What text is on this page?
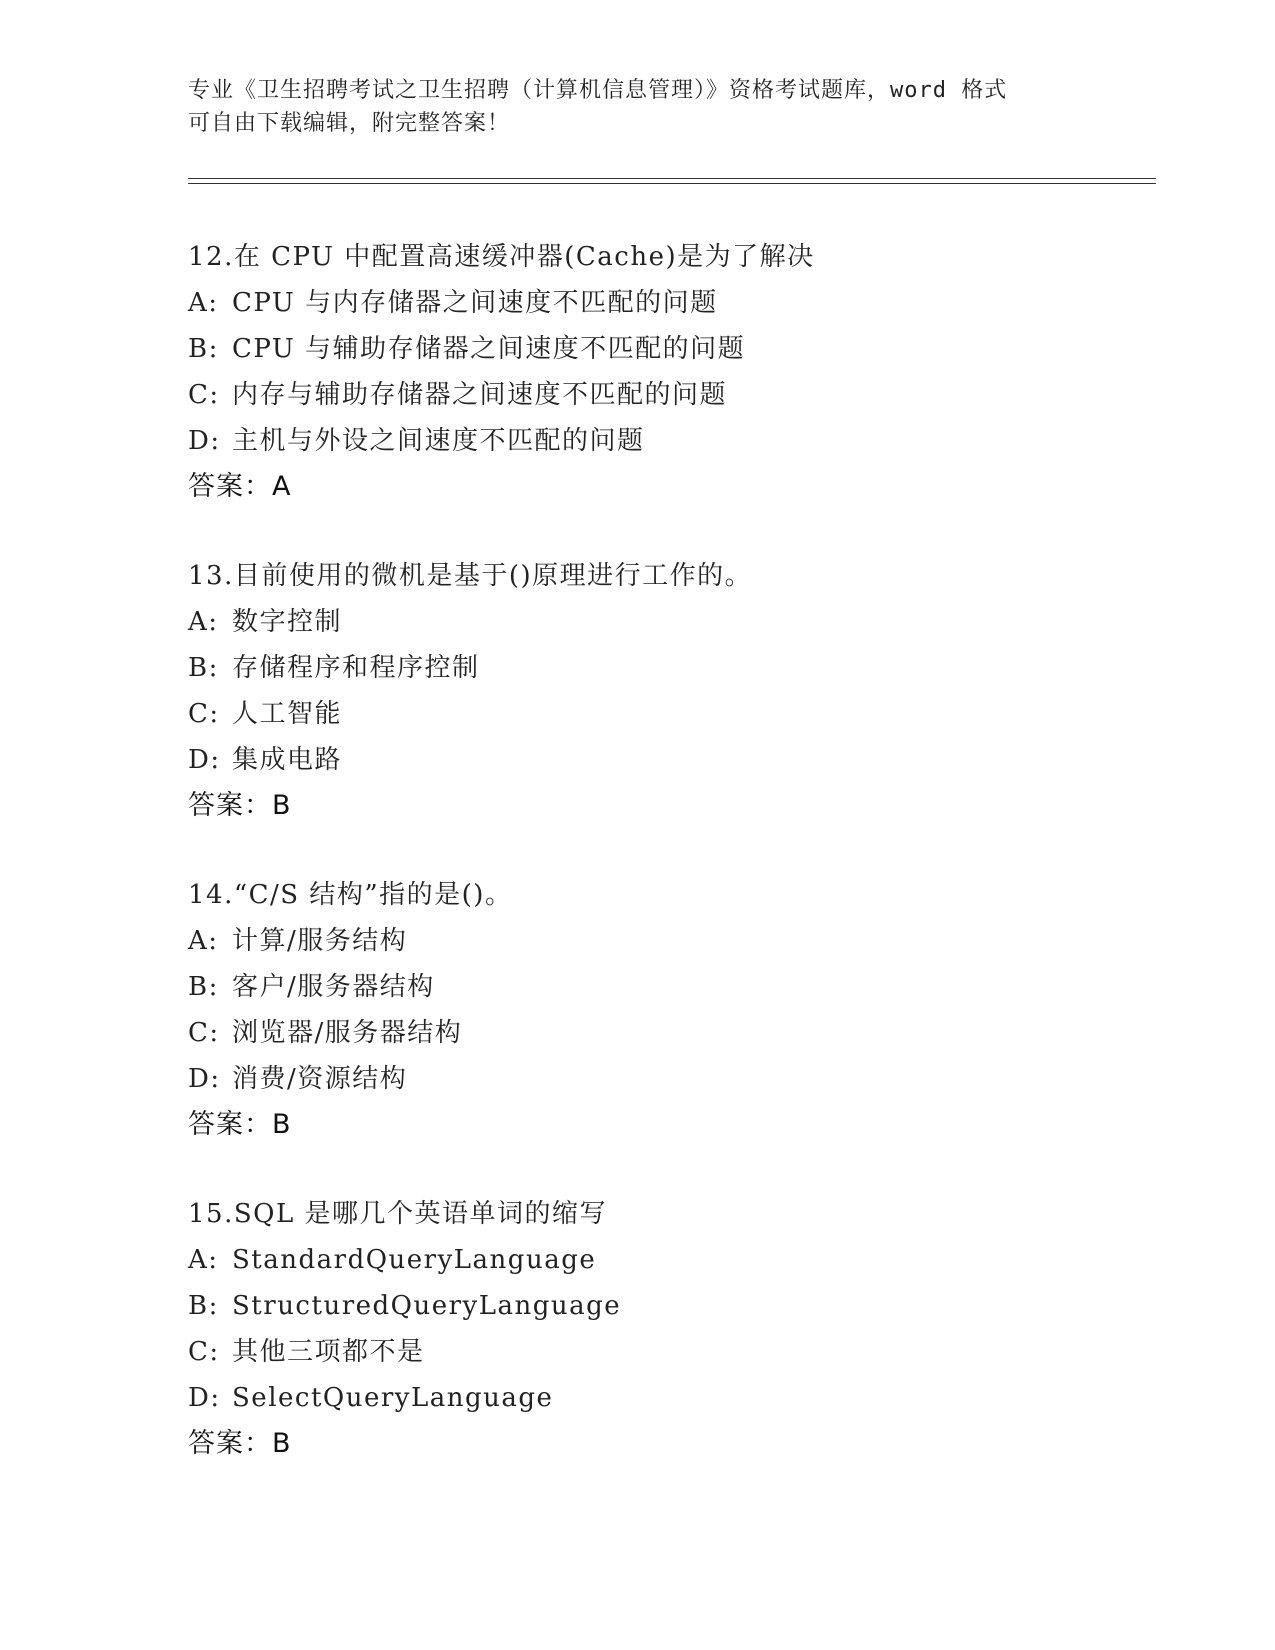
专业《卫生招聘考试之卫生招聘（计算机信息管理）》资格考试题库，word 格式
可自由下载编辑，附完整答案！
12.在 CPU 中配置高速缓冲器(Cache)是为了解决
A: CPU 与内存储器之间速度不匹配的问题
B: CPU 与辅助存储器之间速度不匹配的问题
C: 内存与辅助存储器之间速度不匹配的问题
D: 主机与外设之间速度不匹配的问题
答案：A
13.目前使用的微机是基于()原理进行工作的。
A: 数字控制
B: 存储程序和程序控制
C: 人工智能
D: 集成电路
答案：B
14.“C/S 结构”指的是()。
A: 计算/服务结构
B: 客户/服务器结构
C: 浏览器/服务器结构
D: 消费/资源结构
答案：B
15.SQL 是哪几个英语单词的缩写
A: StandardQueryLanguage
B: StructuredQueryLanguage
C: 其他三项都不是
D: SelectQueryLanguage
答案：B
